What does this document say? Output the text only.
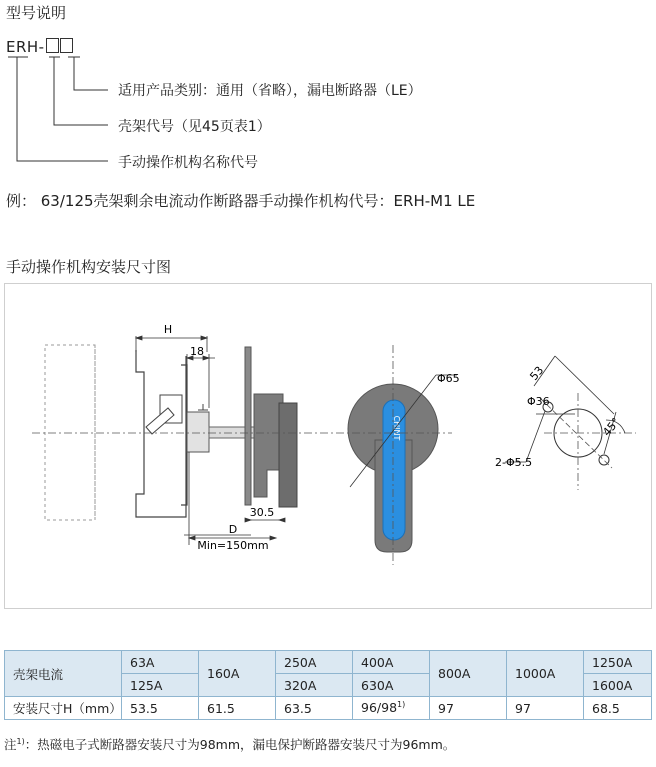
型号说明
ERH-
适用产品类别：通用（省略），漏电断路器（LE）
壳架代号（见45页表1）
手动操作机构名称代号
例： 63/125壳架剩余电流动作断路器手动操作机构代号：ERH-M1 LE
手动操作机构安装尺寸图
H
18
30.5
D
Min=150mm
CHINT
Φ65	53
Φ36
45°
2-Φ5.5
壳架电流	63A	160A	250A	400A	800A	1000A	1250A
	125A		320A	630A			1600A
安装尺寸H（mm）	53.5	61.5	63.5	96/98$^{1)}$	97	97	68.5
注$^{1)}$：热磁电子式断路器安装尺寸为98mm，漏电保护断路器安装尺寸为96mm。
